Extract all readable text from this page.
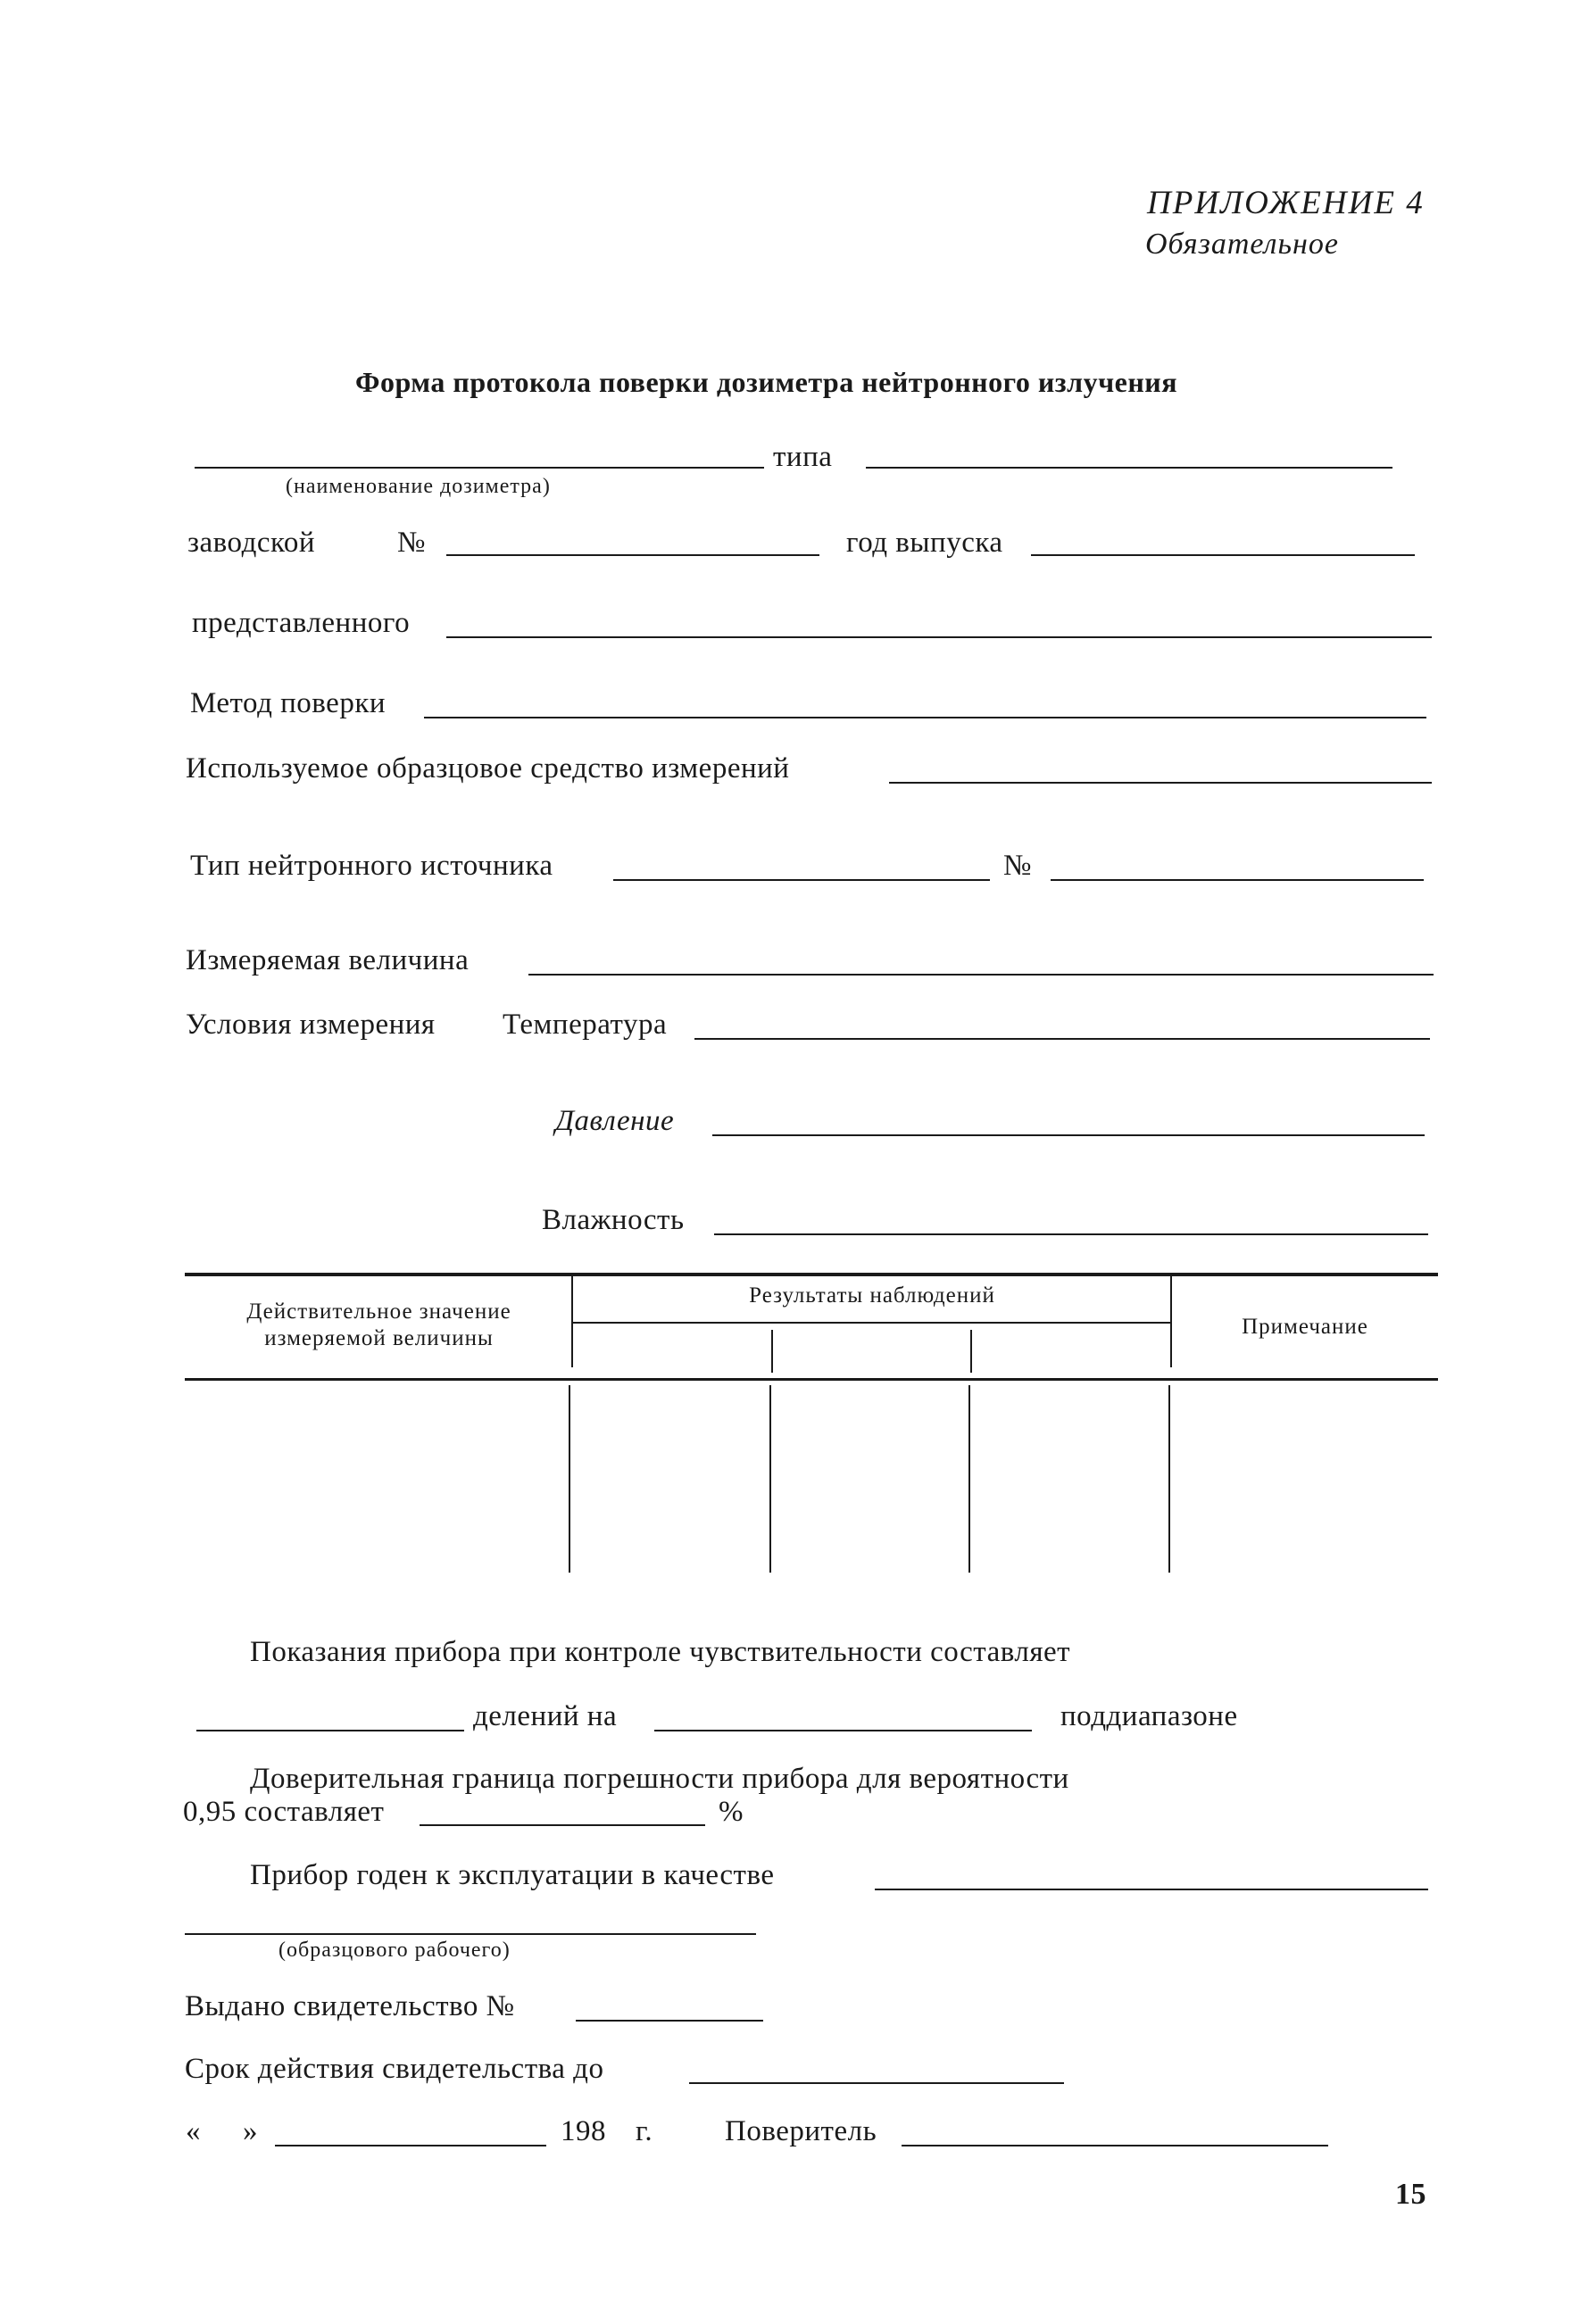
ПРИЛОЖЕНИЕ 4
Обязательное
Форма протокола поверки дозиметра нейтронного излучения
типа
(наименование дозиметра)
заводской	№	год выпуска
представленного
Метод поверки
Используемое образцовое средство измерений
Тип нейтронного источника	№
Измеряемая величина
Условия измерения Температура
Давление
Влажность
Действительное значение измеряемой величины
Результаты наблюдений
Примечание
Показания прибора при контроле чувствительности составляет
делений на	поддиапазоне
Доверительная граница погрешности прибора для вероятности
0,95 составляет	%
Прибор годен к эксплуатации в качестве
(образцового рабочего)
Выдано свидетельство №
Срок действия свидетельства до
« »	198 г. Поверитель
15
